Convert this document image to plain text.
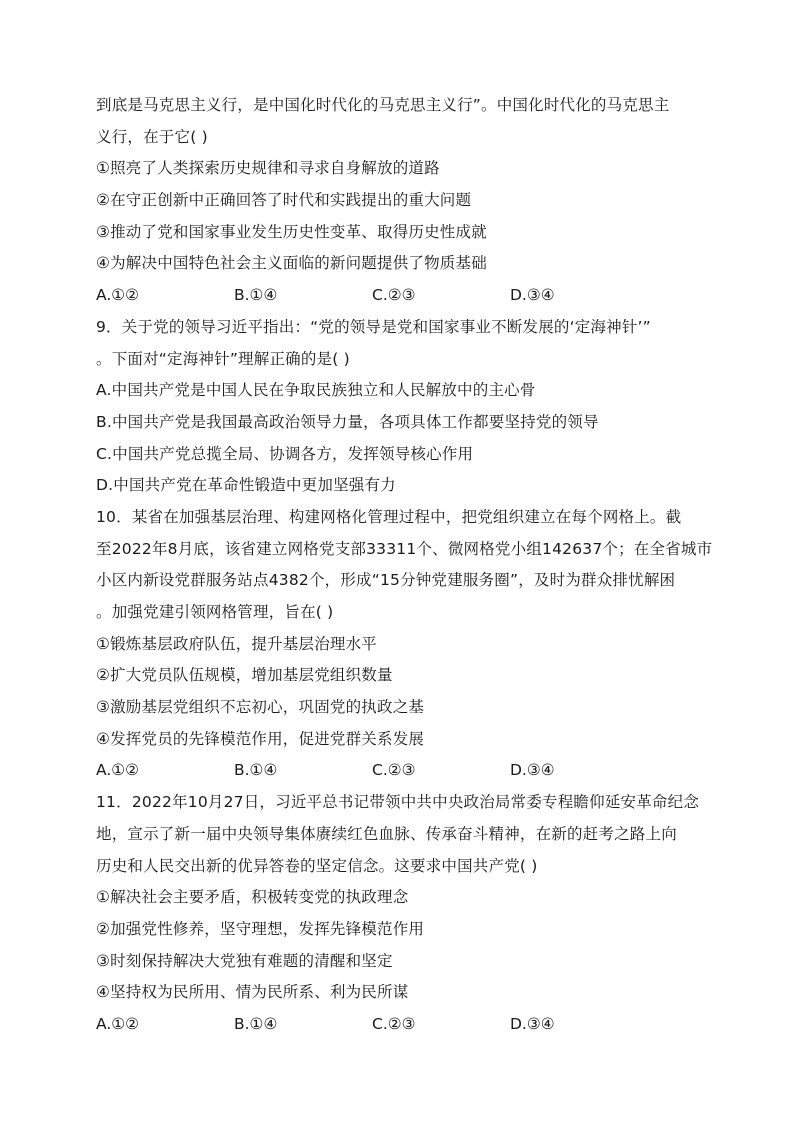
到底是马克思主义行，是中国化时代化的马克思主义行”。中国化时代化的马克思主
义行，在于它( )
①照亮了人类探索历史规律和寻求自身解放的道路
②在守正创新中正确回答了时代和实践提出的重大问题
③推动了党和国家事业发生历史性变革、取得历史性成就
④为解决中国特色社会主义面临的新问题提供了物质基础
A.①②	B.①④	C.②③	D.③④
9．关于党的领导习近平指出：“党的领导是党和国家事业不断发展的‘定海神针’”
。下面对“定海神针”理解正确的是( )
A.中国共产党是中国人民在争取民族独立和人民解放中的主心骨
B.中国共产党是我国最高政治领导力量，各项具体工作都要坚持党的领导
C.中国共产党总揽全局、协调各方，发挥领导核心作用
D.中国共产党在革命性锻造中更加坚强有力
10．某省在加强基层治理、构建网格化管理过程中，把党组织建立在每个网格上。截
至2022年8月底，该省建立网格党支部33311个、微网格党小组142637个；在全省城市
小区内新设党群服务站点4382个，形成“15分钟党建服务圈”，及时为群众排忧解困
。加强党建引领网格管理，旨在( )
①锻炼基层政府队伍，提升基层治理水平
②扩大党员队伍规模，增加基层党组织数量
③激励基层党组织不忘初心，巩固党的执政之基
④发挥党员的先锋模范作用，促进党群关系发展
A.①②	B.①④	C.②③	D.③④
11．2022年10月27日，习近平总书记带领中共中央政治局常委专程瞻仰延安革命纪念
地，宣示了新一届中央领导集体赓续红色血脉、传承奋斗精神，在新的赶考之路上向
历史和人民交出新的优异答卷的坚定信念。这要求中国共产党( )
①解决社会主要矛盾，积极转变党的执政理念
②加强党性修养，坚守理想，发挥先锋模范作用
③时刻保持解决大党独有难题的清醒和坚定
④坚持权为民所用、情为民所系、利为民所谋
A.①②	B.①④	C.②③	D.③④
